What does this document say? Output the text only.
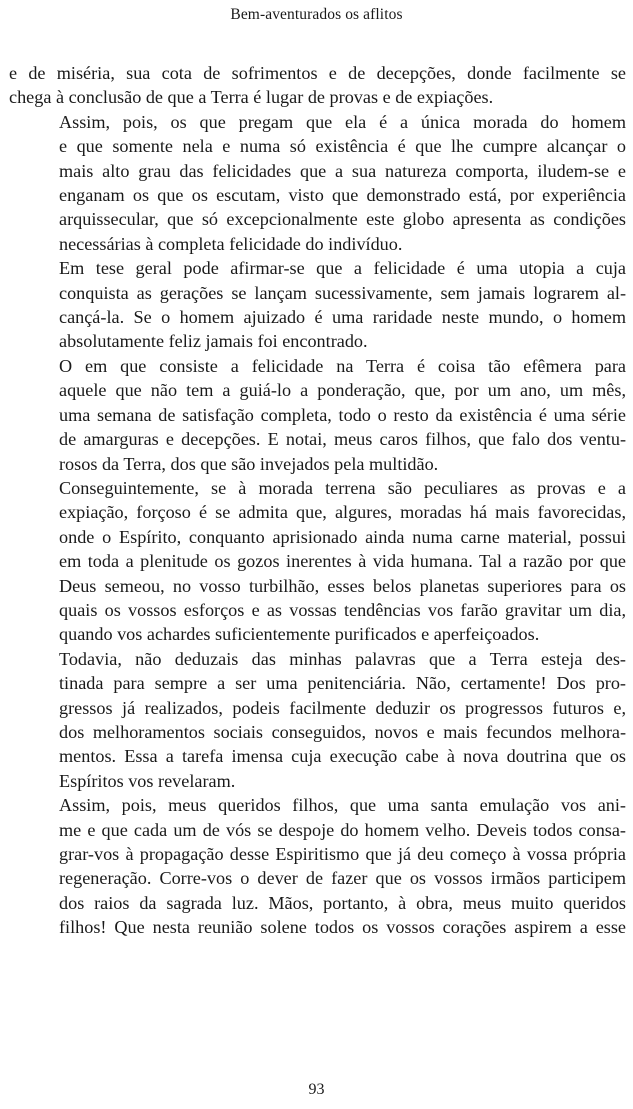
Bem-aventurados os aflitos

e de miséria, sua cota de sofrimentos e de decepções, donde facilmente se
chega à conclusão de que a Terra é lugar de provas e de expiações.

Assim, pois, os que pregam que ela é a única morada do homem
e que somente nela e numa só existência é que lhe cumpre alcançar o
mais alto grau das felicidades que a sua natureza comporta, iludem-se e
enganam os que os escutam, visto que demonstrado está, por experiência
arquissecular, que só excepcionalmente este globo apresenta as condições
necessárias à completa felicidade do indivíduo.

Em tese geral pode afirmar-se que a felicidade é uma utopia a cuja
conquista as gerações se lançam sucessivamente, sem jamais lograrem al-
cançá-la. Se o homem ajuizado é uma raridade neste mundo, o homem
absolutamente feliz jamais foi encontrado.

O em que consiste a felicidade na Terra é coisa tão efêmera para
aquele que não tem a guiá-lo a ponderação, que, por um ano, um mês,
uma semana de satisfação completa, todo o resto da existência é uma série
de amarguras e decepções. E notai, meus caros filhos, que falo dos ventu-
rosos da Terra, dos que são invejados pela multidão.

Conseguintemente, se à morada terrena são peculiares as provas e a
expiação, forçoso é se admita que, algures, moradas há mais favorecidas,
onde o Espírito, conquanto aprisionado ainda numa carne material, possui
em toda a plenitude os gozos inerentes à vida humana. Tal a razão por que
Deus semeou, no vosso turbilhão, esses belos planetas superiores para os
quais os vossos esforços e as vossas tendências vos farão gravitar um dia,
quando vos achardes suficientemente purificados e aperfeiçoados.

Todavia, não deduzais das minhas palavras que a Terra esteja des-
tinada para sempre a ser uma penitenciária. Não, certamente! Dos pro-
gressos já realizados, podeis facilmente deduzir os progressos futuros e,
dos melhoramentos sociais conseguidos, novos e mais fecundos melhora-
mentos. Essa a tarefa imensa cuja execução cabe à nova doutrina que os
Espíritos vos revelaram.

Assim, pois, meus queridos filhos, que uma santa emulação vos ani-
me e que cada um de vós se despoje do homem velho. Deveis todos consa-
grar-vos à propagação desse Espiritismo que já deu começo à vossa própria
regeneração. Corre-vos o dever de fazer que os vossos irmãos participem
dos raios da sagrada luz. Mãos, portanto, à obra, meus muito queridos
filhos! Que nesta reunião solene todos os vossos corações aspirem a esse

93
